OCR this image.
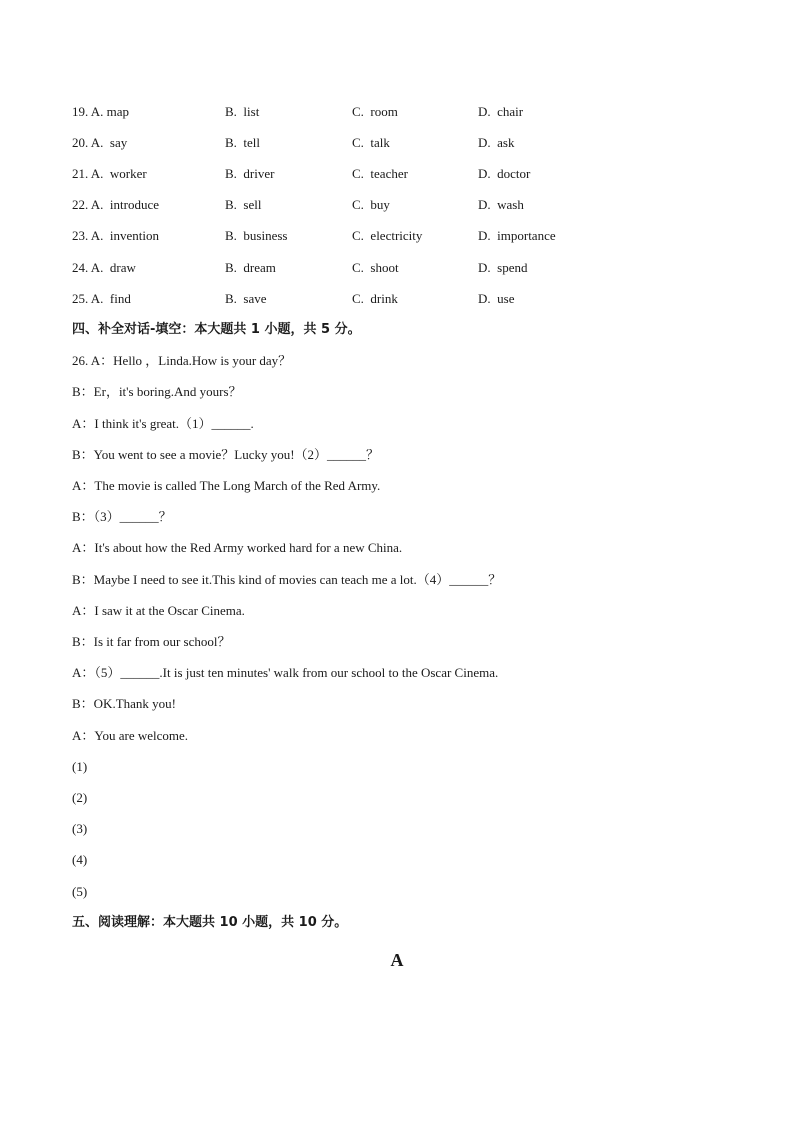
19. A. map	B.  list	C.  room	D.  chair
20. A.  say	B.  tell	C.  talk	D.  ask
21. A.  worker	B.  driver	C.  teacher	D.  doctor
22. A.  introduce	B.  sell	C.  buy	D.  wash
23. A.  invention	B.  business	C.  electricity	D.  importance
24. A.  draw	B.  dream	C.  shoot	D.  spend
25. A.  find	B.  save	C.  drink	D.  use
四、补全对话-填空：本大题共 1 小题，共 5 分。
26. A：Hello ，Linda.How is your day？
B：Er，it's boring.And yours？
A：I think it's great.（1）______.
B：You went to see a movie？Lucky you!（2）______？
A：The movie is called The Long March of the Red Army.
B：（3）______？
A：It's about how the Red Army worked hard for a new China.
B：Maybe I need to see it.This kind of movies can teach me a lot.（4）______？
A：I saw it at the Oscar Cinema.
B：Is it far from our school？
A：（5）______.It is just ten minutes' walk from our school to the Oscar Cinema.
B：OK.Thank you!
A：You are welcome.
(1)
(2)
(3)
(4)
(5)
五、阅读理解：本大题共 10 小题，共 10 分。
A
